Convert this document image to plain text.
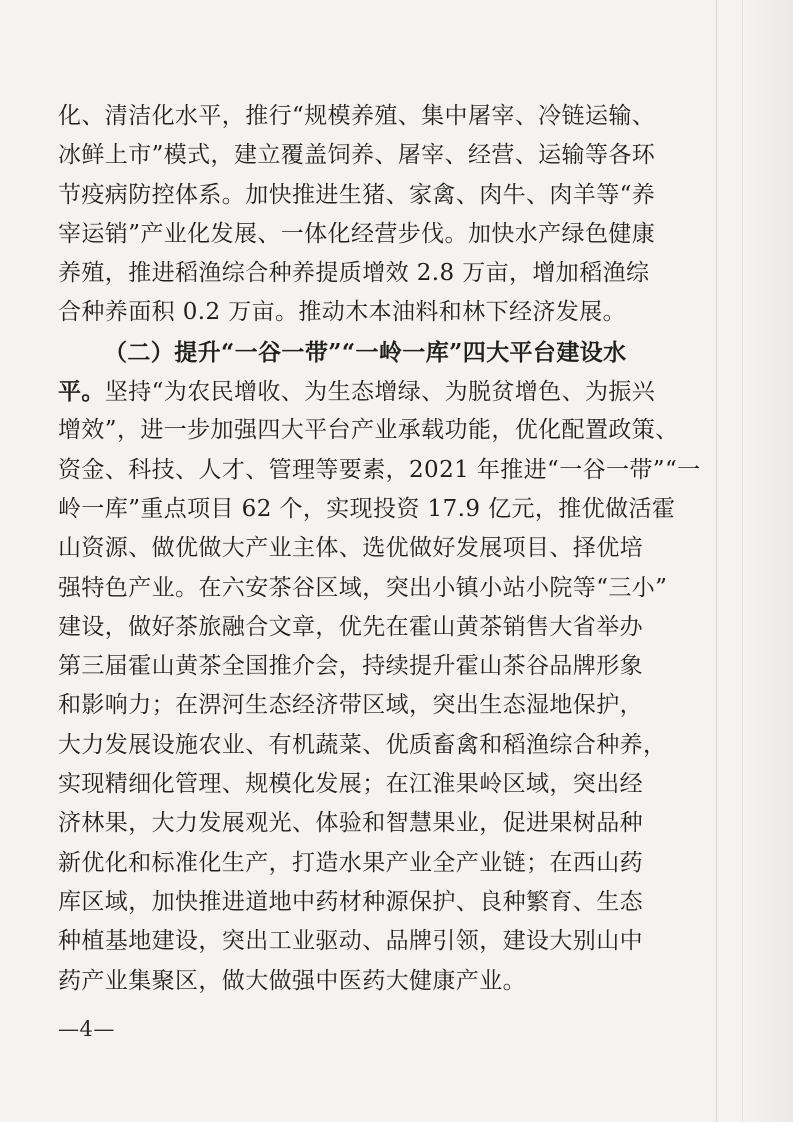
化、清洁化水平，推行“规模养殖、集中屠宰、冷链运输、
冰鲜上市”模式，建立覆盖饲养、屠宰、经营、运输等各环
节疫病防控体系。加快推进生猪、家禽、肉牛、肉羊等“养
宰运销”产业化发展、一体化经营步伐。加快水产绿色健康
养殖，推进稻渔综合种养提质增效 2.8 万亩，增加稻渔综
合种养面积 0.2 万亩。推动木本油料和林下经济发展。
（二）提升“一谷一带”“一岭一库”四大平台建设水
平。坚持“为农民增收、为生态增绿、为脱贫增色、为振兴
增效”，进一步加强四大平台产业承载功能，优化配置政策、
资金、科技、人才、管理等要素，2021 年推进“一谷一带”“一
岭一库”重点项目 62 个，实现投资 17.9 亿元，推优做活霍
山资源、做优做大产业主体、选优做好发展项目、择优培
强特色产业。在六安茶谷区域，突出小镇小站小院等“三小”
建设，做好茶旅融合文章，优先在霍山黄茶销售大省举办
第三届霍山黄茶全国推介会，持续提升霍山茶谷品牌形象
和影响力；在淠河生态经济带区域，突出生态湿地保护，
大力发展设施农业、有机蔬菜、优质畜禽和稻渔综合种养，
实现精细化管理、规模化发展；在江淮果岭区域，突出经
济林果，大力发展观光、体验和智慧果业，促进果树品种
新优化和标准化生产，打造水果产业全产业链；在西山药
库区域，加快推进道地中药材种源保护、良种繁育、生态
种植基地建设，突出工业驱动、品牌引领，建设大别山中
药产业集聚区，做大做强中医药大健康产业。
—4—
